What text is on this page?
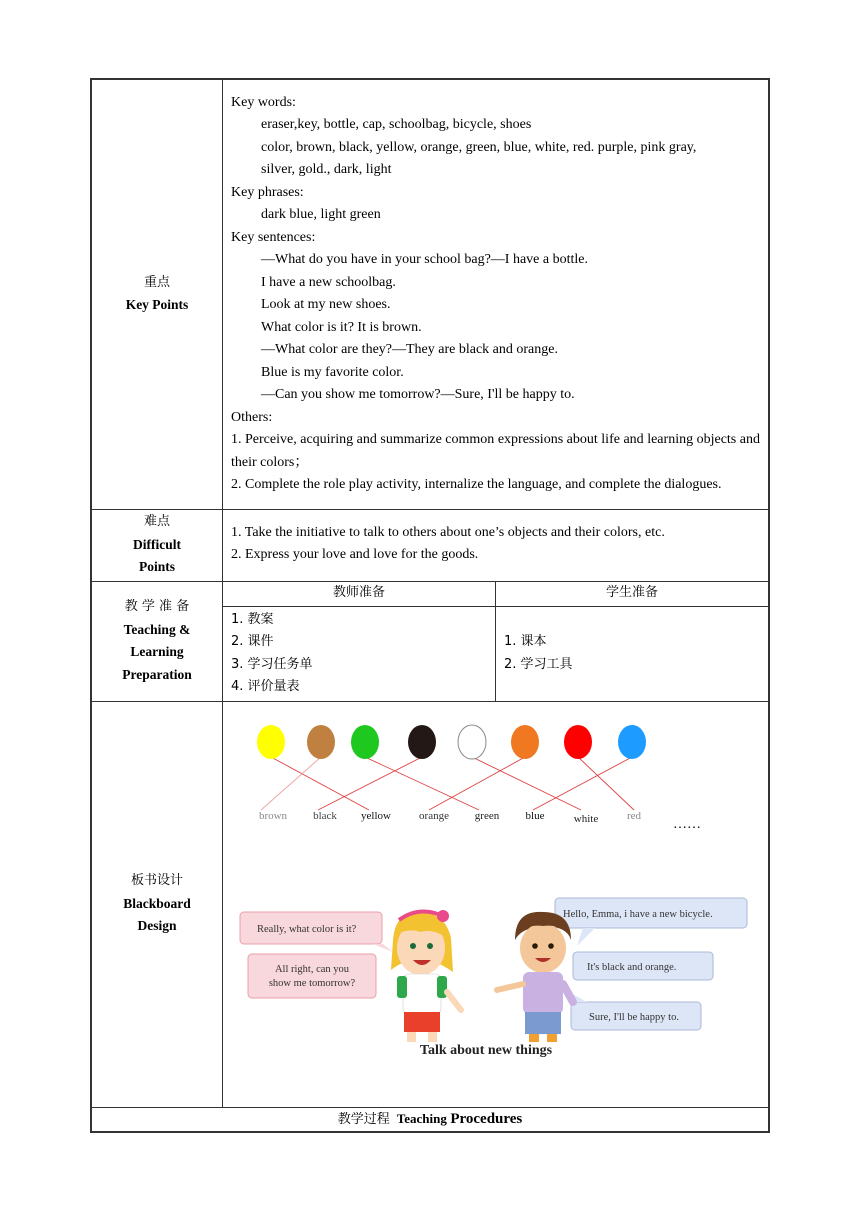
重点
Key Points

Key words:
eraser,key, bottle, cap, schoolbag, bicycle, shoes
color, brown, black, yellow, orange, green, blue, white, red. purple, pink gray,
silver, gold., dark, light
Key phrases:
dark blue, light green
Key sentences:
—What do you have in your school bag?—I have a bottle.
I have a new schoolbag.
Look at my new shoes.
What color is it? It is brown.
—What color are they?—They are black and orange.
Blue is my favorite color.
—Can you show me tomorrow?—Sure, I'll be happy to.
Others:
1. Perceive, acquiring and summarize common expressions about life and learning objects and their colors；
2. Complete the role play activity, internalize the language, and complete the dialogues.

难点
Difficult
Points

1. Take the initiative to talk to others about one’s objects and their colors, etc.
2. Express your love and love for the goods.

教 学 准 备
Teaching &
Learning
Preparation

教师准备	学生准备

1. 教案
2. 课件
3. 学习任务单
4. 评价量表

1. 课本
2. 学习工具

板书设计
Blackboard
Design

brown black yellow	orange green blue	white	red
……
Really, what color is it?
All right, can you
show me tomorrow?
Hello, Emma, i have a new bicycle.
It's black and orange.
Sure, I'll be happy to.
Talk about new things

教学过程 Teaching Procedures
